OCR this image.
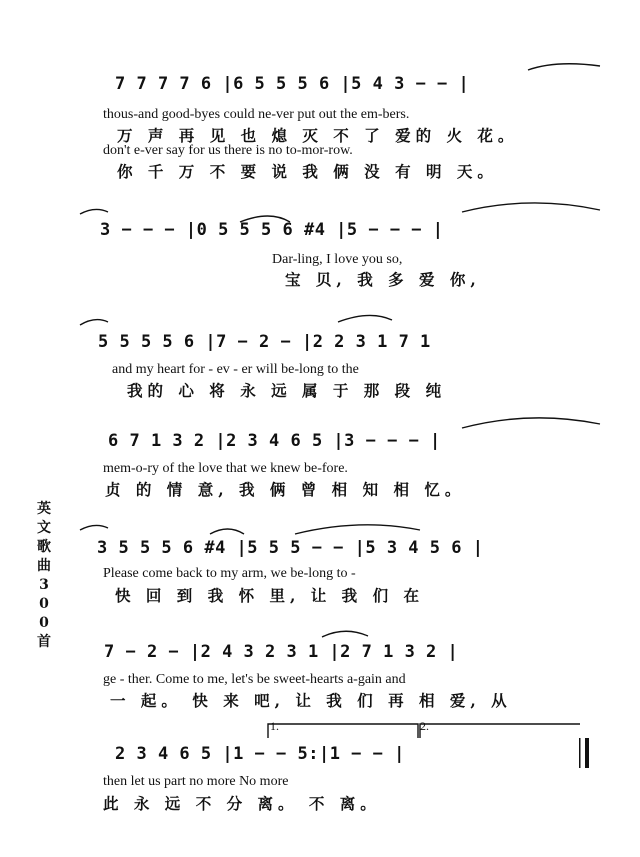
英文歌曲300首
7 7 7 7 6 |6 5 5 5 6 |5 4 3 − − |
thous-and good-byes could ne-ver put out the em-bers.
万 声 再 见 也 熄 灭 不 了 爱的 火 花。
don't e-ver say for us there is no to-mor-row.
你 千 万 不 要 说 我 俩 没 有 明 天。
3 − − − |0 5 5 5 6 #4 |5 − − − |
Dar-ling, I love you so,
宝 贝, 我 多 爱 你,
5 5 5 5 6 |7 − 2 − |2 2 3 1 7 1
and my heart for - ev - er will be-long to the
我的 心 将 永 远 属 于 那 段 纯
6 7 1 3 2 |2 3 4 6 5 |3 − − − |
mem-o-ry of the love that we knew be-fore.
贞 的 情 意, 我 俩 曾 相 知 相 忆。
3 5 5 5 6 #4 |5 5 5 − − |5 3 4 5 6 |
Please come back to my arm, we be-long to -
快 回 到 我 怀 里, 让 我 们 在
7 − 2 − |2 4 3 2 3 1 |2 7 1 3 2 |
ge - ther. Come to me, let's be sweet-hearts a-gain and
一 起。 快 来 吧, 让 我 们 再 相 爱, 从
1.	2.
2 3 4 6 5 |1 − − 5:|1 − − |
then let us part no more No more
此 永 远 不 分 离。 不 离。
